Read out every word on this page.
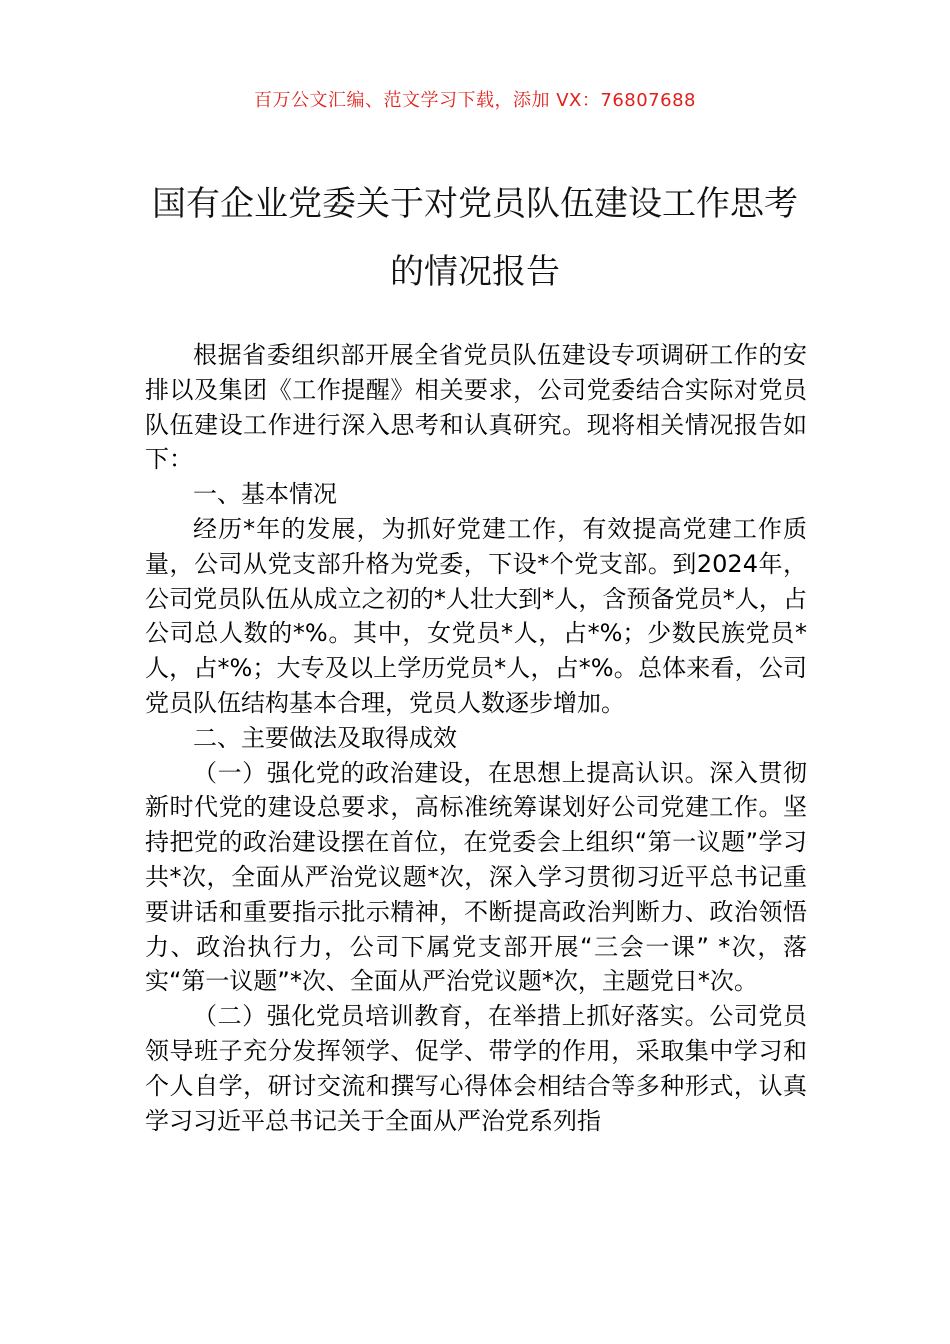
百万公文汇编、范文学习下载，添加 VX：76807688
国有企业党委关于对党员队伍建设工作思考的情况报告

根据省委组织部开展全省党员队伍建设专项调研工作的安排以及集团《工作提醒》相关要求，公司党委结合实际对党员队伍建设工作进行深入思考和认真研究。现将相关情况报告如下：

一、基本情况

经历*年的发展，为抓好党建工作，有效提高党建工作质量，公司从党支部升格为党委，下设*个党支部。到2024年，公司党员队伍从成立之初的*人壮大到*人，含预备党员*人，占公司总人数的*%。其中，女党员*人，占*%；少数民族党员*人，占*%；大专及以上学历党员*人，占*%。总体来看，公司党员队伍结构基本合理，党员人数逐步增加。

二、主要做法及取得成效

（一）强化党的政治建设，在思想上提高认识。深入贯彻新时代党的建设总要求，高标准统筹谋划好公司党建工作。坚持把党的政治建设摆在首位，在党委会上组织“第一议题”学习共*次，全面从严治党议题*次，深入学习贯彻习近平总书记重要讲话和重要指示批示精神，不断提高政治判断力、政治领悟力、政治执行力，公司下属党支部开展“三会一课” *次，落实“第一议题”*次、全面从严治党议题*次，主题党日*次。

（二）强化党员培训教育，在举措上抓好落实。公司党员领导班子充分发挥领学、促学、带学的作用，采取集中学习和个人自学，研讨交流和撰写心得体会相结合等多种形式，认真学习习近平总书记关于全面从严治党系列指
